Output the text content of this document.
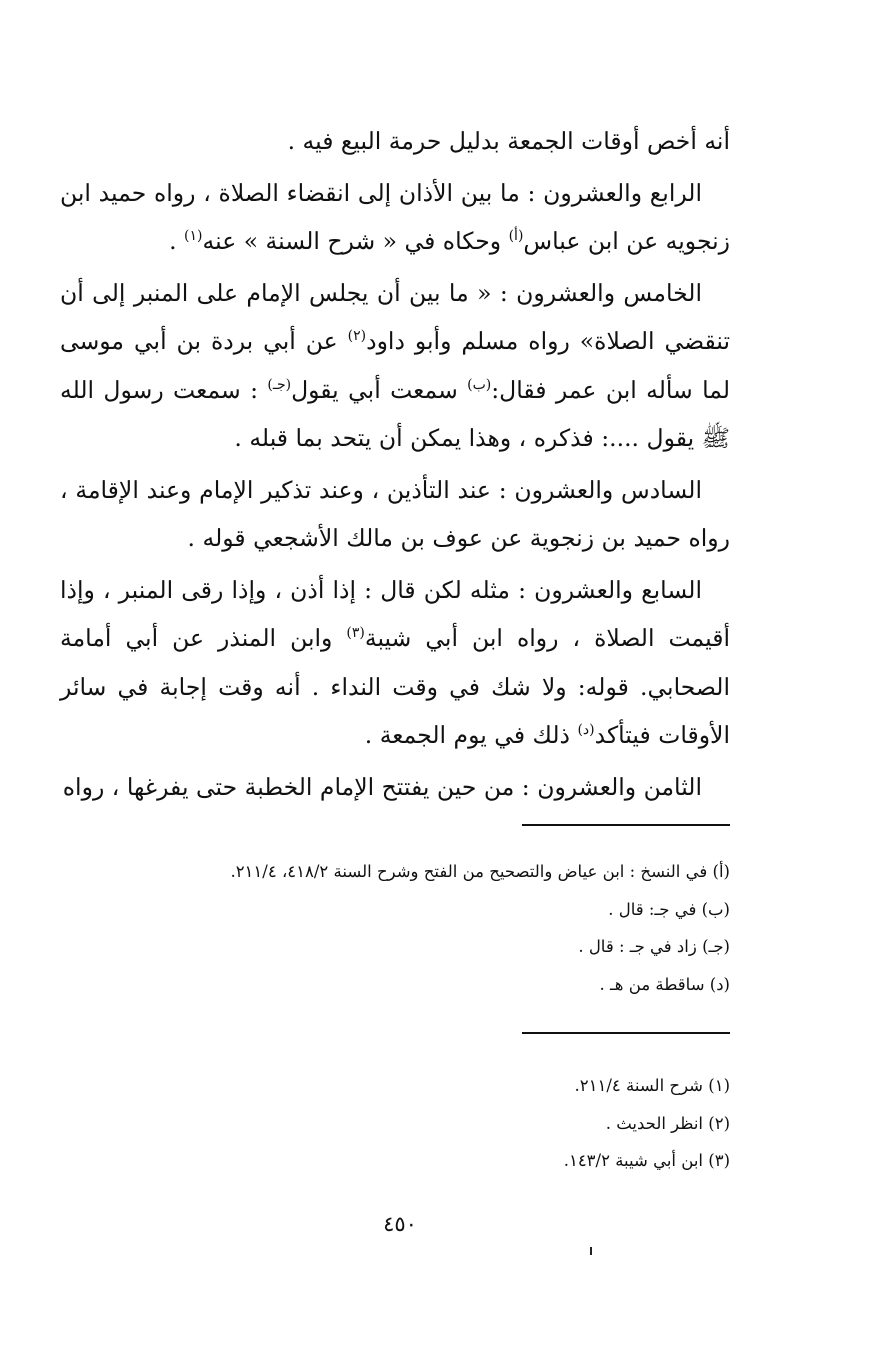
أنه أخص أوقات الجمعة بدليل حرمة البيع فيه .

الرابع والعشرون : ما بين الأذان إلى انقضاء الصلاة ، رواه حميد ابن زنجويه عن ابن عباس$^{(أ)}$ وحكاه في « شرح السنة » عنه$^{(١)}$ .

الخامس والعشرون : « ما بين أن يجلس الإمام على المنبر إلى أن تنقضي الصلاة» رواه مسلم وأبو داود$^{(٢)}$ عن أبي بردة بن أبي موسى لما سأله ابن عمر فقال:$^{(ب)}$ سمعت أبي يقول$^{(جـ)}$ : سمعت رسول الله ﷺ يقول ....: فذكره ، وهذا يمكن أن يتحد بما قبله .

السادس والعشرون : عند التأذين ، وعند تذكير الإمام وعند الإقامة ، رواه حميد بن زنجوية عن عوف بن مالك الأشجعي قوله .

السابع والعشرون : مثله لكن قال : إذا أذن ، وإذا رقى المنبر ، وإذا أقيمت الصلاة ، رواه ابن أبي شيبة$^{(٣)}$ وابن المنذر عن أبي أمامة الصحابي. قوله: ولا شك في وقت النداء . أنه وقت إجابة في سائر الأوقات فيتأكد$^{(د)}$ ذلك في يوم الجمعة .

الثامن والعشرون : من حين يفتتح الإمام الخطبة حتى يفرغها ، رواه

(أ) في النسخ : ابن عياض والتصحيح من الفتح وشرح السنة ٤١٨/٢، ٢١١/٤.
(ب) في جـ: قال .
(جـ) زاد في جـ : قال .
(د) ساقطة من هـ .
(١) شرح السنة ٢١١/٤.
(٢) انظر الحديث .
(٣) ابن أبي شيبة ١٤٣/٢.
٤٥٠
